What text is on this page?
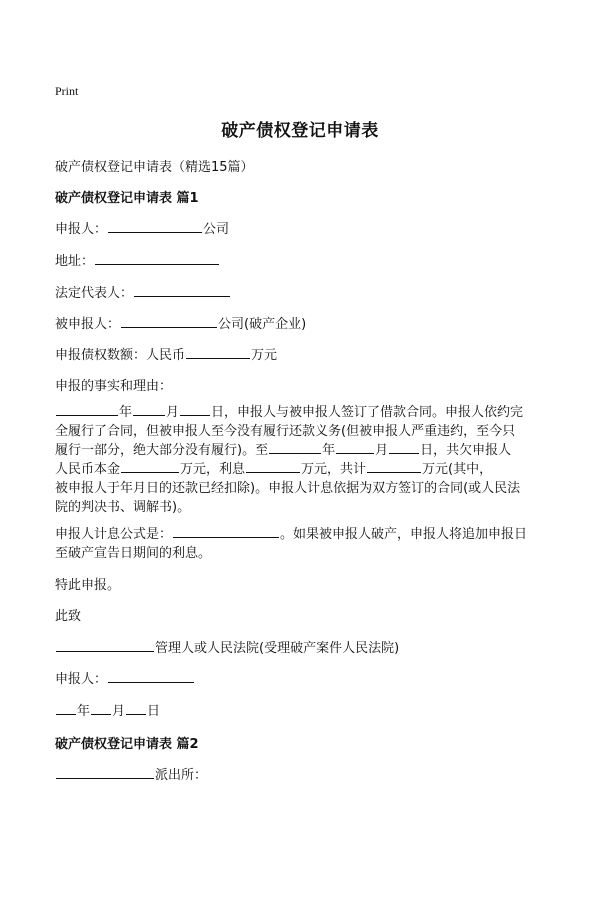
Print
破产债权登记申请表
破产债权登记申请表（精选15篇）
破产债权登记申请表 篇1
申报人：	公司
地址：
法定代表人：
被申报人：	公司(破产企业)
申报债权数额：人民币	万元
申报的事实和理由：
年	月 日，申报人与被申报人签订了借款合同。申报人依约完
全履行了合同，但被申报人至今没有履行还款义务(但被申报人严重违约，至今只
履行一部分，绝大部分没有履行)。至	年	月 日，共欠申报人
人民币本金	万元，利息	万元，共计	万元(其中，
被申报人于年月日的还款已经扣除)。申报人计息依据为双方签订的合同(或人民法
院的判决书、调解书)。
申报人计息公式是：	。如果被申报人破产，申报人将追加申报日
至破产宣告日期间的利息。
特此申报。
此致
管理人或人民法院(受理破产案件人民法院)
申报人：
年 月 日
破产债权登记申请表 篇2
派出所：
